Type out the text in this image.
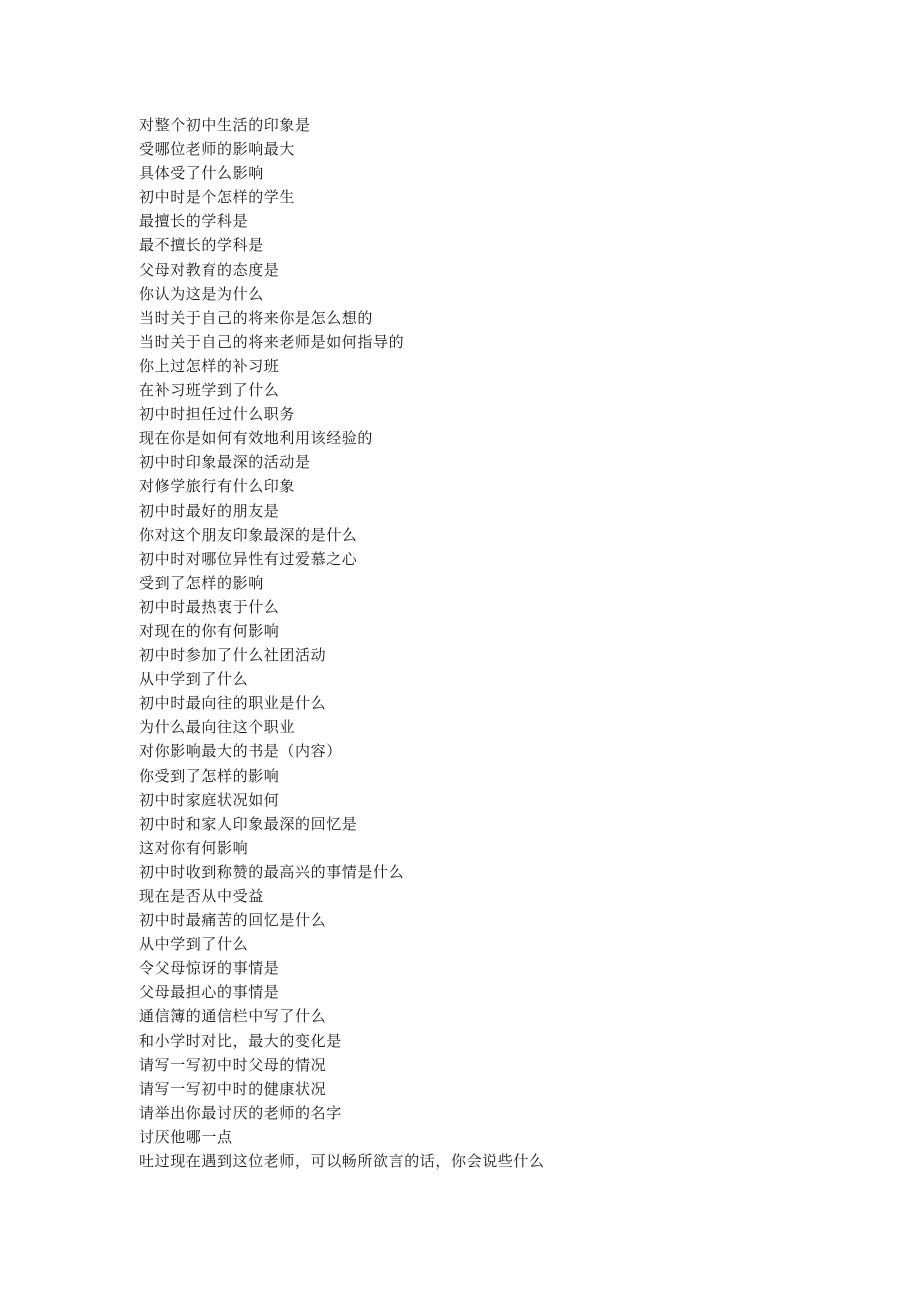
对整个初中生活的印象是
受哪位老师的影响最大
具体受了什么影响
初中时是个怎样的学生
最擅长的学科是
最不擅长的学科是
父母对教育的态度是
你认为这是为什么
当时关于自己的将来你是怎么想的
当时关于自己的将来老师是如何指导的
你上过怎样的补习班
在补习班学到了什么
初中时担任过什么职务
现在你是如何有效地利用该经验的
初中时印象最深的活动是
对修学旅行有什么印象
初中时最好的朋友是
你对这个朋友印象最深的是什么
初中时对哪位异性有过爱慕之心
受到了怎样的影响
初中时最热衷于什么
对现在的你有何影响
初中时参加了什么社团活动
从中学到了什么
初中时最向往的职业是什么
为什么最向往这个职业
对你影响最大的书是（内容）
你受到了怎样的影响
初中时家庭状况如何
初中时和家人印象最深的回忆是
这对你有何影响
初中时收到称赞的最高兴的事情是什么
现在是否从中受益
初中时最痛苦的回忆是什么
从中学到了什么
令父母惊讶的事情是
父母最担心的事情是
通信簿的通信栏中写了什么
和小学时对比，最大的变化是
请写一写初中时父母的情况
请写一写初中时的健康状况
请举出你最讨厌的老师的名字
讨厌他哪一点
吐过现在遇到这位老师，可以畅所欲言的话，你会说些什么
